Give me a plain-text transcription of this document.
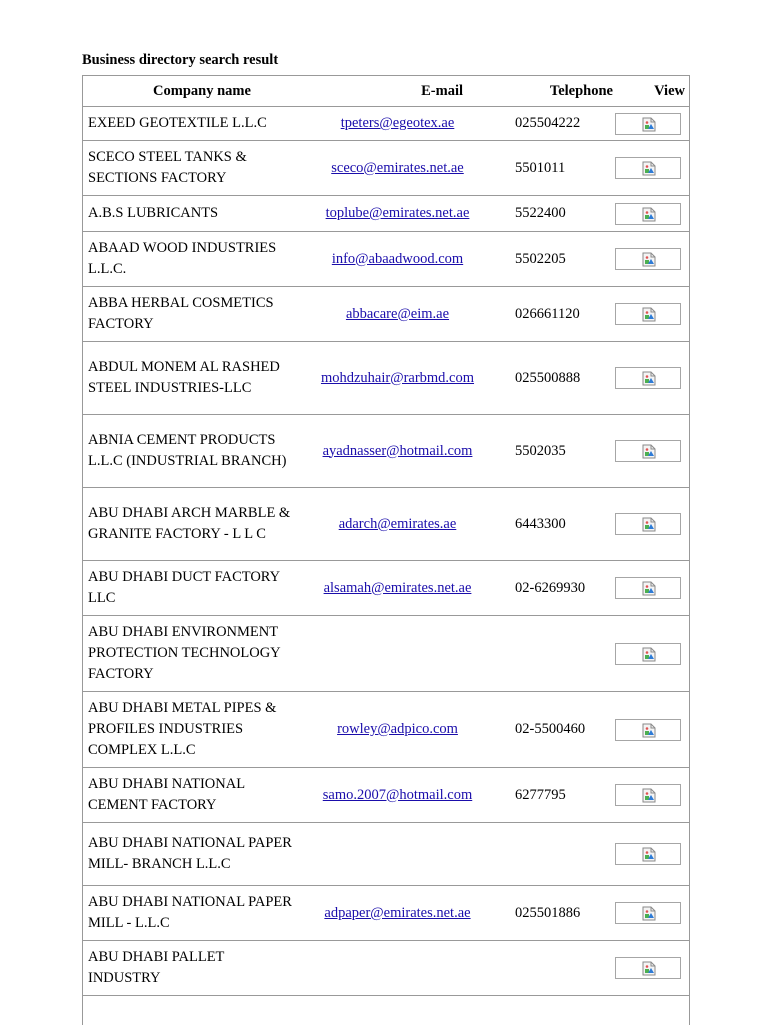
Business directory search result
Company name	E-mail	Telephone	View
EXEED GEOTEXTILE L.L.C	tpeters@egeotex.ae	025504222	

SCECO STEEL TANKS & SECTIONS FACTORY	sceco@emirates.net.ae	5501011	

A.B.S LUBRICANTS	toplube@emirates.net.ae	5522400	

ABAAD WOOD INDUSTRIES L.L.C.	info@abaadwood.com	5502205	

ABBA HERBAL COSMETICS FACTORY	abbacare@eim.ae	026661120	

ABDUL MONEM AL RASHED STEEL INDUSTRIES-LLC	mohdzuhair@rarbmd.com	025500888	

ABNIA CEMENT PRODUCTS L.L.C (INDUSTRIAL BRANCH)	ayadnasser@hotmail.com	5502035	

ABU DHABI ARCH MARBLE & GRANITE FACTORY - L L C	adarch@emirates.ae	6443300	

ABU DHABI DUCT FACTORY LLC	alsamah@emirates.net.ae	02-6269930	

ABU DHABI ENVIRONMENT PROTECTION TECHNOLOGY FACTORY			

ABU DHABI METAL PIPES & PROFILES INDUSTRIES COMPLEX L.L.C	rowley@adpico.com	02-5500460	

ABU DHABI NATIONAL CEMENT FACTORY	samo.2007@hotmail.com	6277795	

ABU DHABI NATIONAL PAPER MILL- BRANCH L.L.C			

ABU DHABI NATIONAL PAPER MILL - L.L.C	adpaper@emirates.net.ae	025501886	

ABU DHABI PALLET INDUSTRY			
